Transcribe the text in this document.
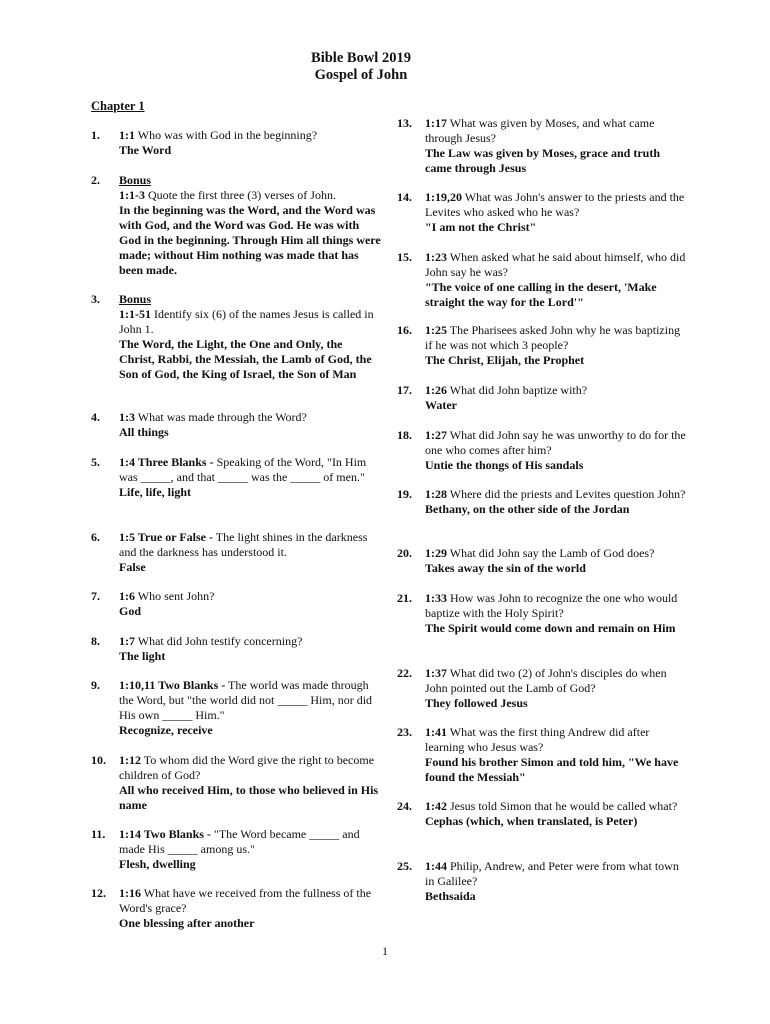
Bible Bowl 2019
Gospel of John
Chapter 1
1. 1:1 Who was with God in the beginning?
The Word
2. Bonus
1:1-3 Quote the first three (3) verses of John.
In the beginning was the Word, and the Word was with God, and the Word was God. He was with God in the beginning. Through Him all things were made; without Him nothing was made that has been made.
3. Bonus
1:1-51 Identify six (6) of the names Jesus is called in John 1.
The Word, the Light, the One and Only, the Christ, Rabbi, the Messiah, the Lamb of God, the Son of God, the King of Israel, the Son of Man
4. 1:3 What was made through the Word?
All things
5. 1:4 Three Blanks - Speaking of the Word, "In Him was _____, and that _____ was the _____ of men."
Life, life, light
6. 1:5 True or False - The light shines in the darkness and the darkness has understood it.
False
7. 1:6 Who sent John?
God
8. 1:7 What did John testify concerning?
The light
9. 1:10,11 Two Blanks - The world was made through the Word, but "the world did not _____ Him, nor did His own _____ Him."
Recognize, receive
10. 1:12 To whom did the Word give the right to become children of God?
All who received Him, to those who believed in His name
11. 1:14 Two Blanks - "The Word became _____ and made His _____ among us."
Flesh, dwelling
12. 1:16 What have we received from the fullness of the Word's grace?
One blessing after another
13. 1:17 What was given by Moses, and what came through Jesus?
The Law was given by Moses, grace and truth came through Jesus
14. 1:19,20 What was John's answer to the priests and the Levites who asked who he was?
"I am not the Christ"
15. 1:23 When asked what he said about himself, who did John say he was?
"The voice of one calling in the desert, 'Make straight the way for the Lord'"
16. 1:25 The Pharisees asked John why he was baptizing if he was not which 3 people?
The Christ, Elijah, the Prophet
17. 1:26 What did John baptize with?
Water
18. 1:27 What did John say he was unworthy to do for the one who comes after him?
Untie the thongs of His sandals
19. 1:28 Where did the priests and Levites question John?
Bethany, on the other side of the Jordan
20. 1:29 What did John say the Lamb of God does?
Takes away the sin of the world
21. 1:33 How was John to recognize the one who would baptize with the Holy Spirit?
The Spirit would come down and remain on Him
22. 1:37 What did two (2) of John's disciples do when John pointed out the Lamb of God?
They followed Jesus
23. 1:41 What was the first thing Andrew did after learning who Jesus was?
Found his brother Simon and told him, "We have found the Messiah"
24. 1:42 Jesus told Simon that he would be called what?
Cephas (which, when translated, is Peter)
25. 1:44 Philip, Andrew, and Peter were from what town in Galilee?
Bethsaida
1
